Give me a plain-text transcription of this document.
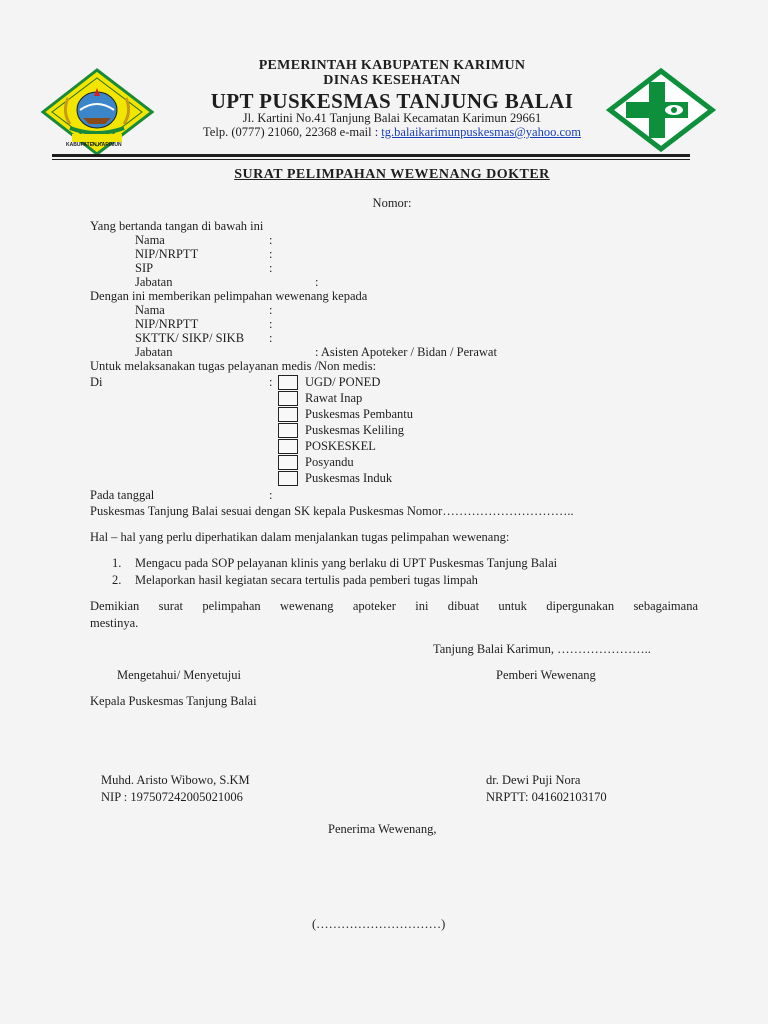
KABUPATEN KARIMUN
PEMERINTAH KABUPATEN KARIMUN
DINAS KESEHATAN
UPT PUSKESMAS TANJUNG BALAI
Jl. Kartini No.41 Tanjung Balai Kecamatan Karimun 29661
Telp. (0777) 21060, 22368 e-mail : tg.balaikarimunpuskesmas@yahoo.com
SURAT PELIMPAHAN WEWENANG DOKTER
Nomor:
Yang bertanda tangan di bawah ini
Nama	:
NIP/NRPTT	:
SIP	:
Jabatan	:
Dengan ini memberikan pelimpahan wewenang kepada
Nama	:
NIP/NRPTT	:
SKTTK/ SIKP/ SIKB :
Jabatan	: Asisten Apoteker / Bidan / Perawat
Untuk melaksanakan tugas pelayanan medis /Non medis:
Di	:	UGD/ PONED
Rawat Inap
Puskesmas Pembantu
Puskesmas Keliling
POSKESKEL
Posyandu
Puskesmas Induk
Pada tanggal	:
Puskesmas Tanjung Balai sesuai dengan SK kepala Puskesmas Nomor…………………………..
Hal – hal yang perlu diperhatikan dalam menjalankan tugas pelimpahan wewenang:
1. Mengacu pada SOP pelayanan klinis yang berlaku di UPT Puskesmas Tanjung Balai
2. Melaporkan hasil kegiatan secara tertulis pada pemberi tugas limpah
Demikian surat pelimpahan wewenang apoteker ini dibuat untuk dipergunakan sebagaimana
mestinya.
Tanjung Balai Karimun, …………………..
Mengetahui/ Menyetujui	Pemberi Wewenang
Kepala Puskesmas Tanjung Balai
Muhd. Aristo Wibowo, S.KM
NIP : 197507242005021006
dr. Dewi Puji Nora
NRPTT: 041602103170
Penerima Wewenang,
(…………………………)
